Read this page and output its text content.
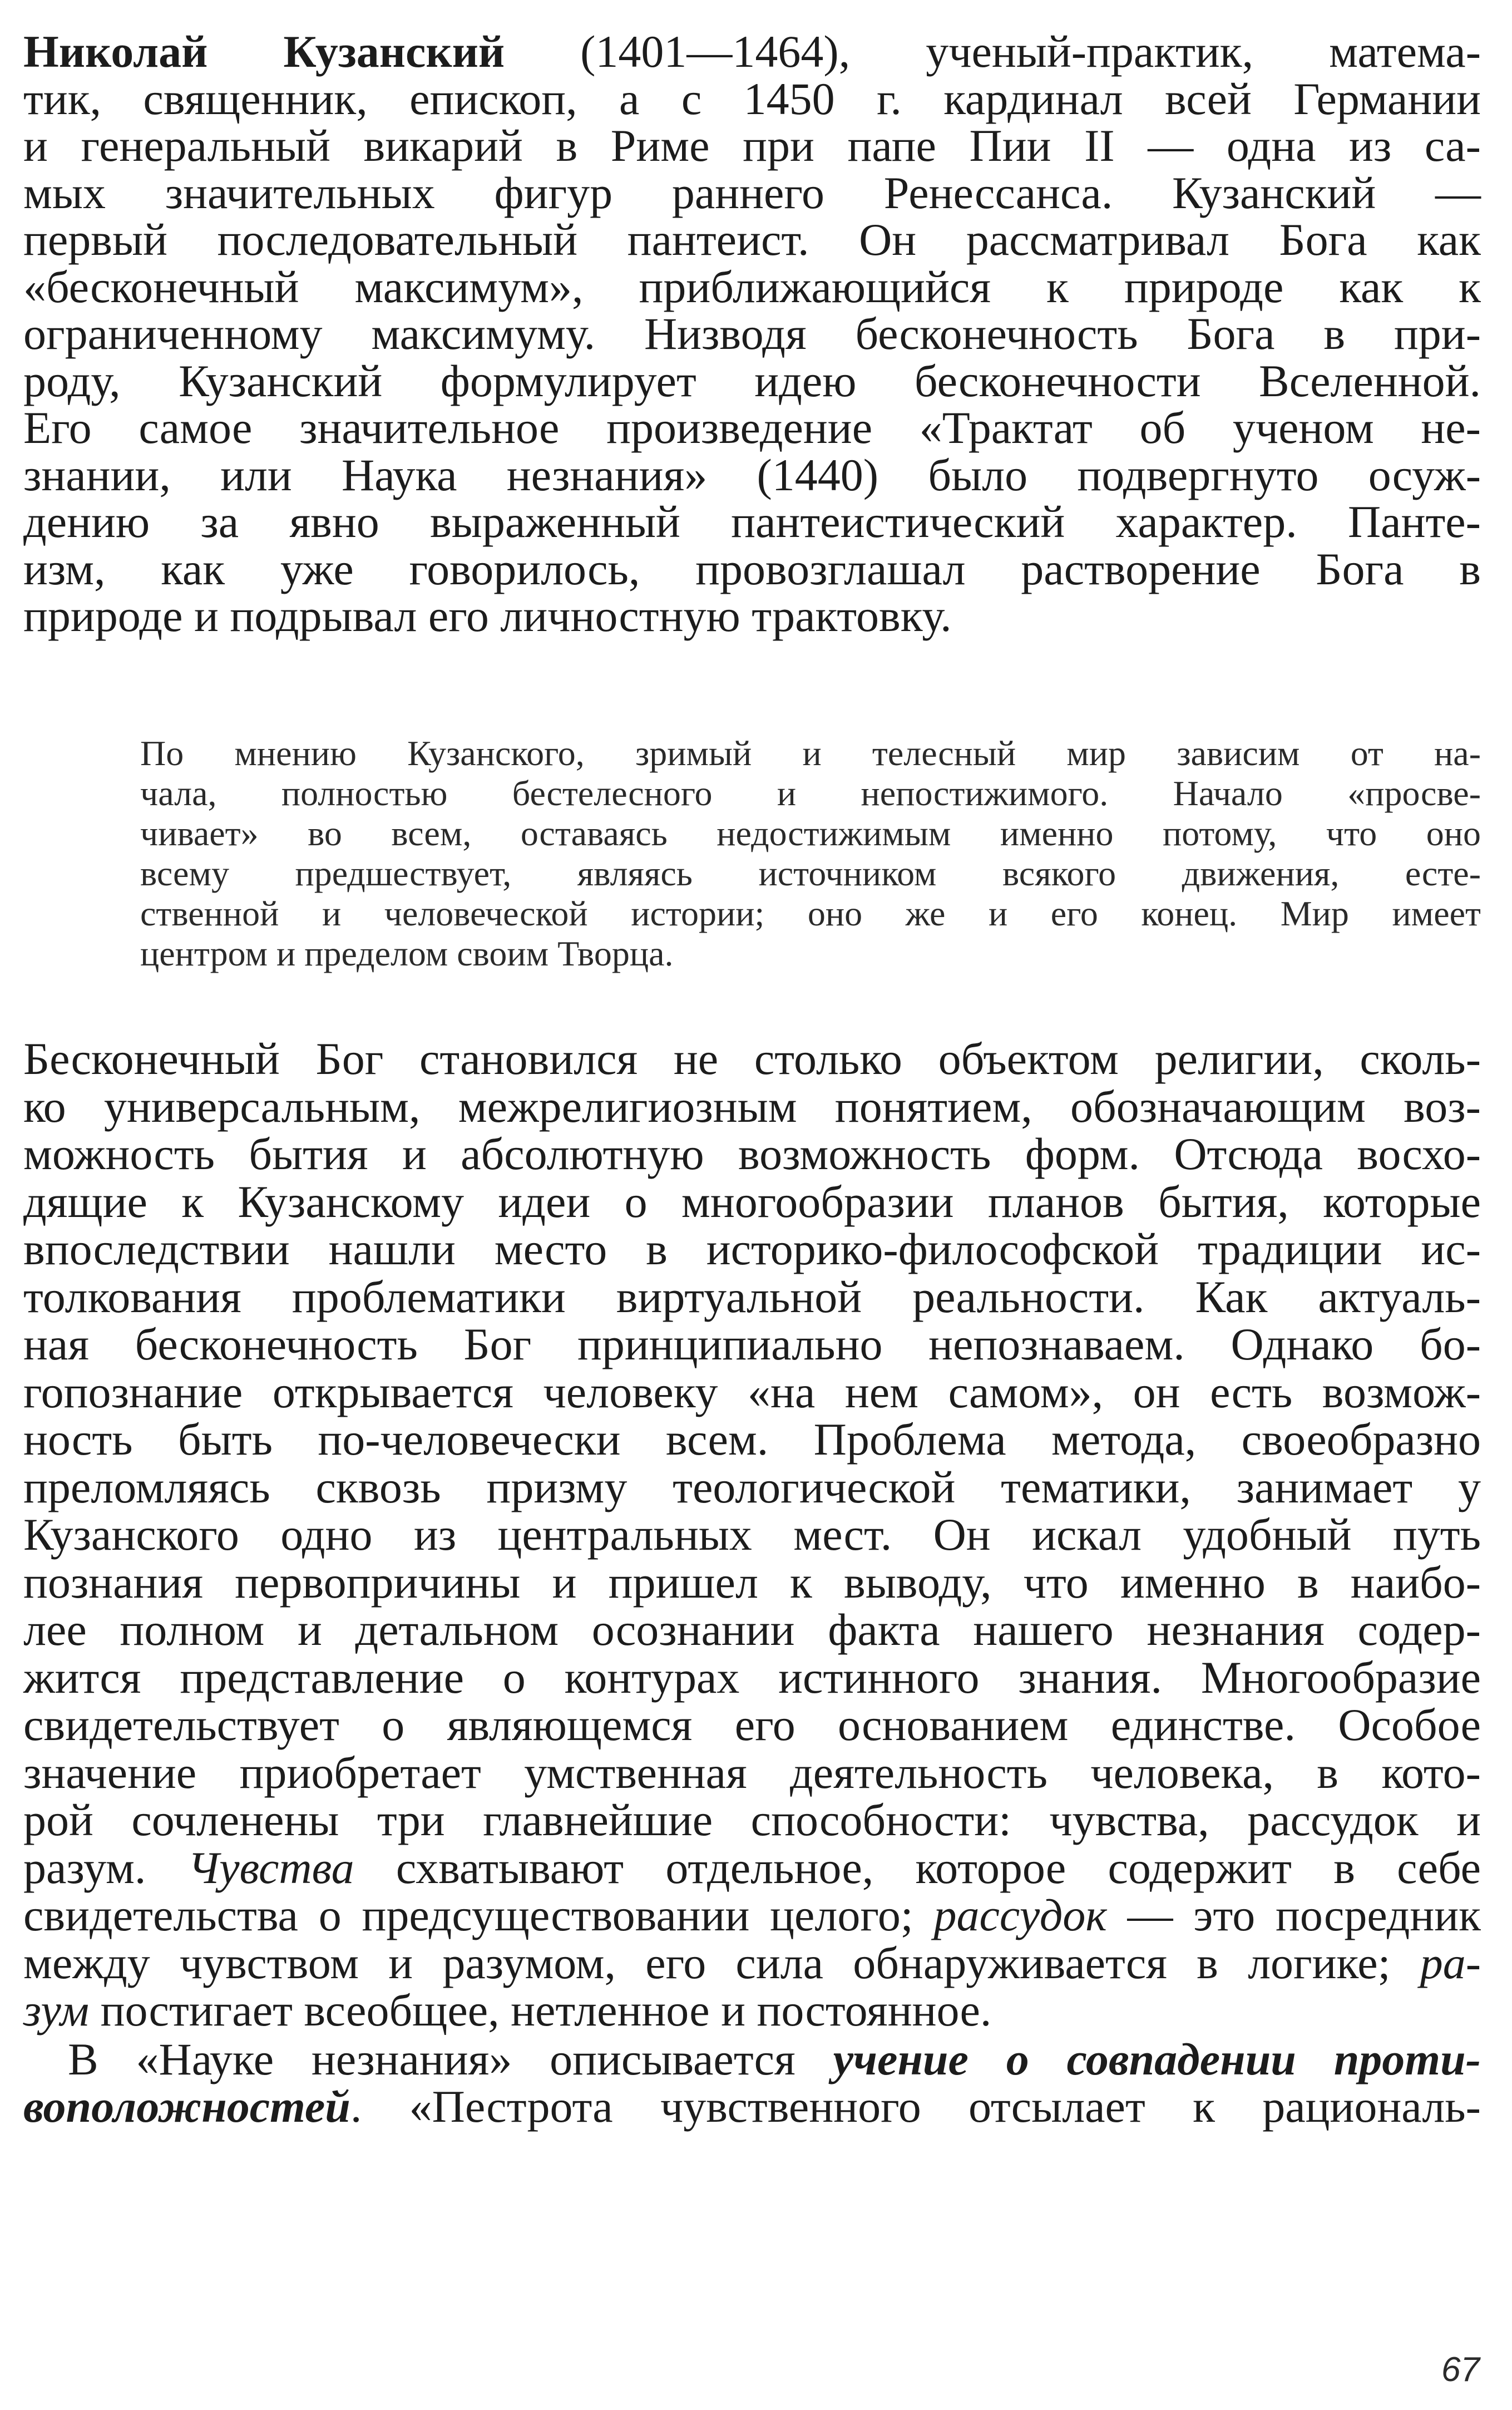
Николай Кузанский (1401—1464), ученый-практик, матема-
тик, священник, епископ, а с 1450 г. кардинал всей Германии
и генеральный викарий в Риме при папе Пии II — одна из са-
мых значительных фигур раннего Ренессанса. Кузанский —
первый последовательный пантеист. Он рассматривал Бога как
«бесконечный максимум», приближающийся к природе как к
ограниченному максимуму. Низводя бесконечность Бога в при-
роду, Кузанский формулирует идею бесконечности Вселенной.
Его самое значительное произведение «Трактат об ученом не-
знании, или Наука незнания» (1440) было подвергнуто осуж-
дению за явно выраженный пантеистический характер. Панте-
изм, как уже говорилось, провозглашал растворение Бога в
природе и подрывал его личностную трактовку.
По мнению Кузанского, зримый и телесный мир зависим от на-
чала, полностью бестелесного и непостижимого. Начало «просве-
чивает» во всем, оставаясь недостижимым именно потому, что оно
всему предшествует, являясь источником всякого движения, есте-
ственной и человеческой истории; оно же и его конец. Мир имеет
центром и пределом своим Творца.
Бесконечный Бог становился не столько объектом религии, сколь-
ко универсальным, межрелигиозным понятием, обозначающим воз-
можность бытия и абсолютную возможность форм. Отсюда восхо-
дящие к Кузанскому идеи о многообразии планов бытия, которые
впоследствии нашли место в историко-философской традиции ис-
толкования проблематики виртуальной реальности. Как актуаль-
ная бесконечность Бог принципиально непознаваем. Однако бо-
гопознание открывается человеку «на нем самом», он есть возмож-
ность быть по-человечески всем. Проблема метода, своеобразно
преломляясь сквозь призму теологической тематики, занимает у
Кузанского одно из центральных мест. Он искал удобный путь
познания первопричины и пришел к выводу, что именно в наибо-
лее полном и детальном осознании факта нашего незнания содер-
жится представление о контурах истинного знания. Многообразие
свидетельствует о являющемся его основанием единстве. Особое
значение приобретает умственная деятельность человека, в кото-
рой сочленены три главнейшие способности: чувства, рассудок и
разум. Чувства схватывают отдельное, которое содержит в себе
свидетельства о предсуществовании целого; рассудок — это посредник
между чувством и разумом, его сила обнаруживается в логике; ра-
зум постигает всеобщее, нетленное и постоянное.
В «Науке незнания» описывается учение о совпадении проти-
воположностей. «Пестрота чувственного отсылает к рациональ-
67
